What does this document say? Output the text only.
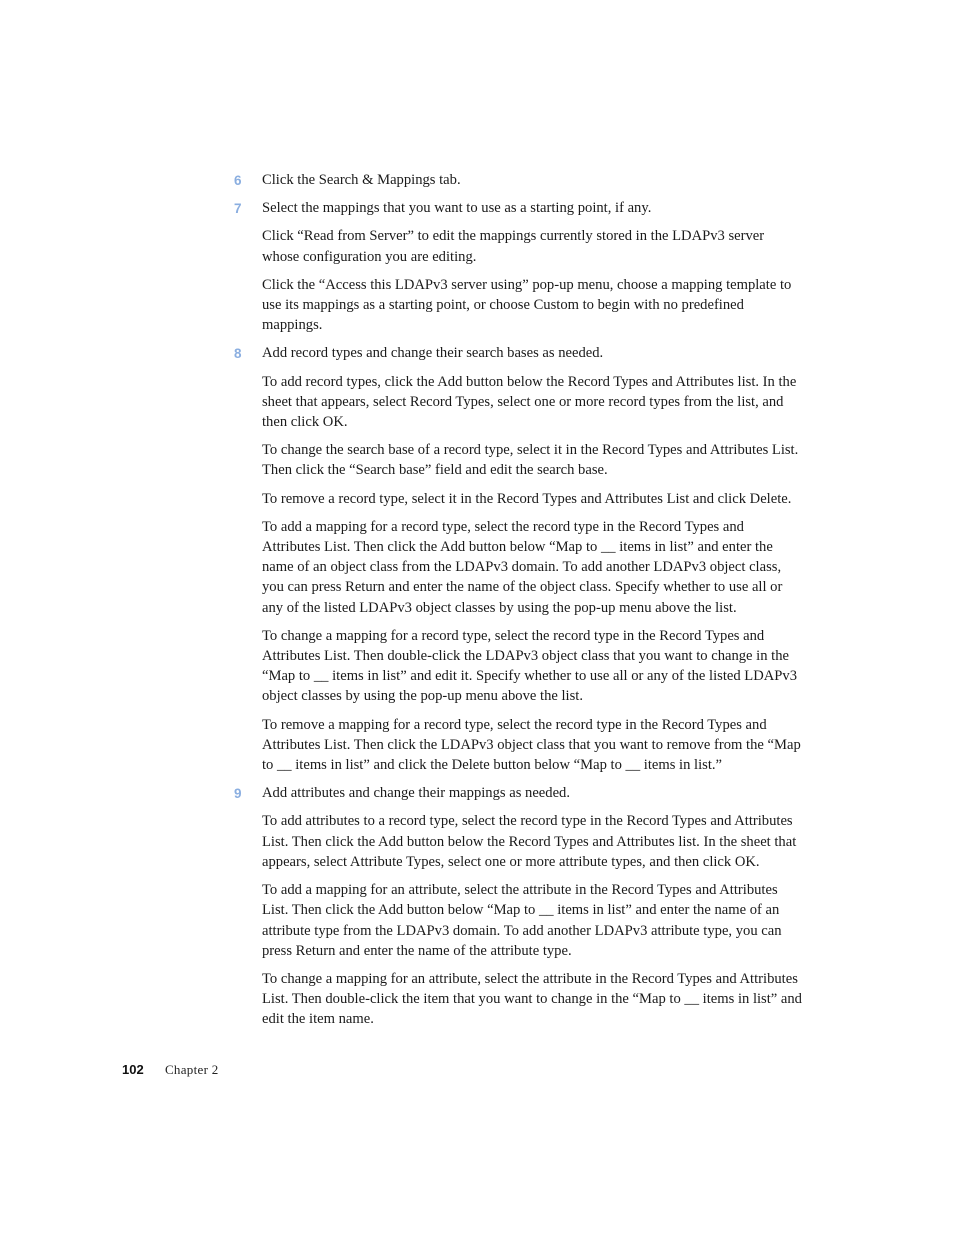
6 Click the Search & Mappings tab.
7 Select the mappings that you want to use as a starting point, if any.
Click “Read from Server” to edit the mappings currently stored in the LDAPv3 server whose configuration you are editing.
Click the “Access this LDAPv3 server using” pop-up menu, choose a mapping template to use its mappings as a starting point, or choose Custom to begin with no predefined mappings.
8 Add record types and change their search bases as needed.
To add record types, click the Add button below the Record Types and Attributes list. In the sheet that appears, select Record Types, select one or more record types from the list, and then click OK.
To change the search base of a record type, select it in the Record Types and Attributes List. Then click the “Search base” field and edit the search base.
To remove a record type, select it in the Record Types and Attributes List and click Delete.
To add a mapping for a record type, select the record type in the Record Types and Attributes List. Then click the Add button below “Map to __ items in list” and enter the name of an object class from the LDAPv3 domain. To add another LDAPv3 object class, you can press Return and enter the name of the object class. Specify whether to use all or any of the listed LDAPv3 object classes by using the pop-up menu above the list.
To change a mapping for a record type, select the record type in the Record Types and Attributes List. Then double-click the LDAPv3 object class that you want to change in the “Map to __ items in list” and edit it. Specify whether to use all or any of the listed LDAPv3 object classes by using the pop-up menu above the list.
To remove a mapping for a record type, select the record type in the Record Types and Attributes List. Then click the LDAPv3 object class that you want to remove from the “Map to __ items in list” and click the Delete button below “Map to __ items in list.”
9 Add attributes and change their mappings as needed.
To add attributes to a record type, select the record type in the Record Types and Attributes List. Then click the Add button below the Record Types and Attributes list. In the sheet that appears, select Attribute Types, select one or more attribute types, and then click OK.
To add a mapping for an attribute, select the attribute in the Record Types and Attributes List. Then click the Add button below “Map to __ items in list” and enter the name of an attribute type from the LDAPv3 domain. To add another LDAPv3 attribute type, you can press Return and enter the name of the attribute type.
To change a mapping for an attribute, select the attribute in the Record Types and Attributes List. Then double-click the item that you want to change in the “Map to __ items in list” and edit the item name.
102 Chapter 2
